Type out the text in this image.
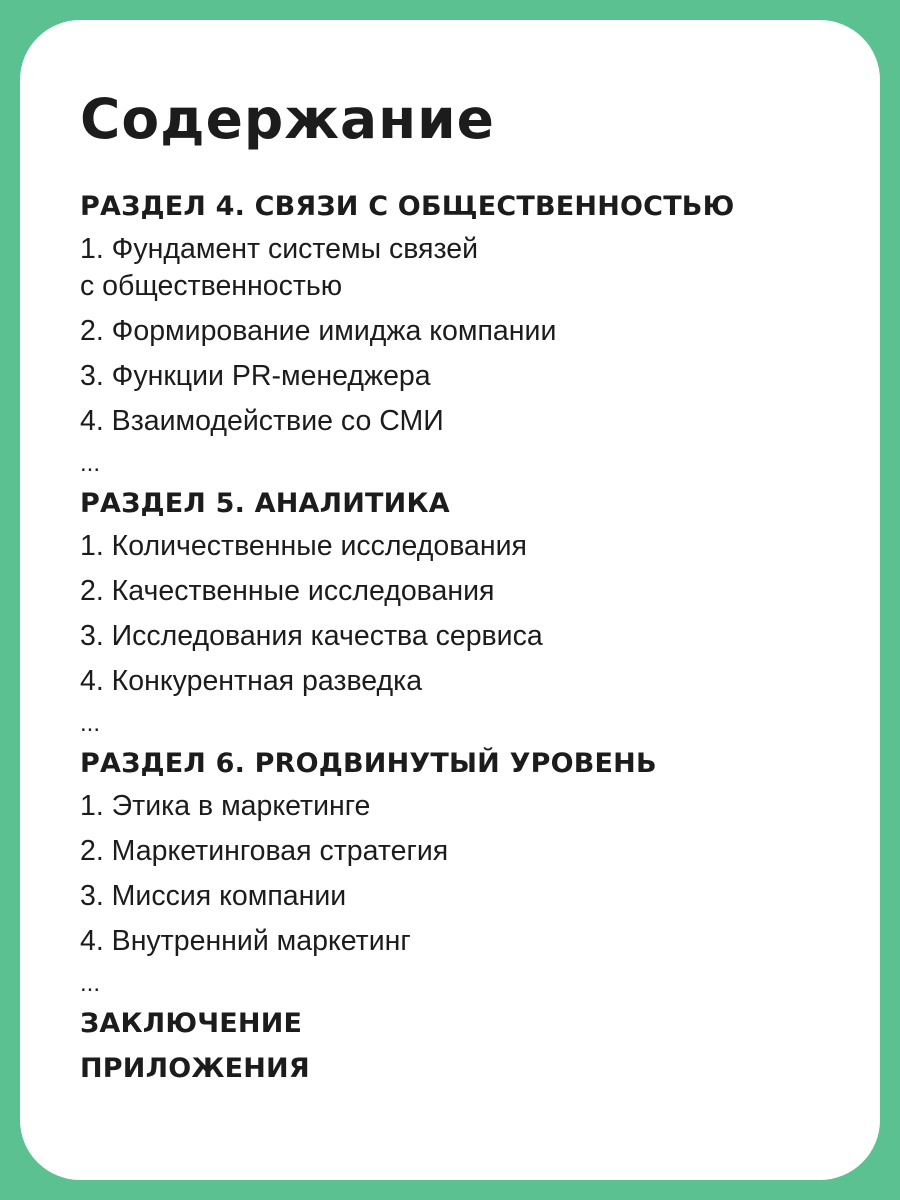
Содержание
РАЗДЕЛ 4. СВЯЗИ С ОБЩЕСТВЕННОСТЬЮ
1. Фундамент системы связей
с общественностью
2. Формирование имиджа компании
3. Функции PR-менеджера
4. Взаимодействие со СМИ
...
РАЗДЕЛ 5. АНАЛИТИКА
1. Количественные исследования
2. Качественные исследования
3. Исследования качества сервиса
4. Конкурентная разведка
...
РАЗДЕЛ 6. PROДВИНУТЫЙ УРОВЕНЬ
1. Этика в маркетинге
2. Маркетинговая стратегия
3. Миссия компании
4. Внутренний маркетинг
...
ЗАКЛЮЧЕНИЕ
ПРИЛОЖЕНИЯ
